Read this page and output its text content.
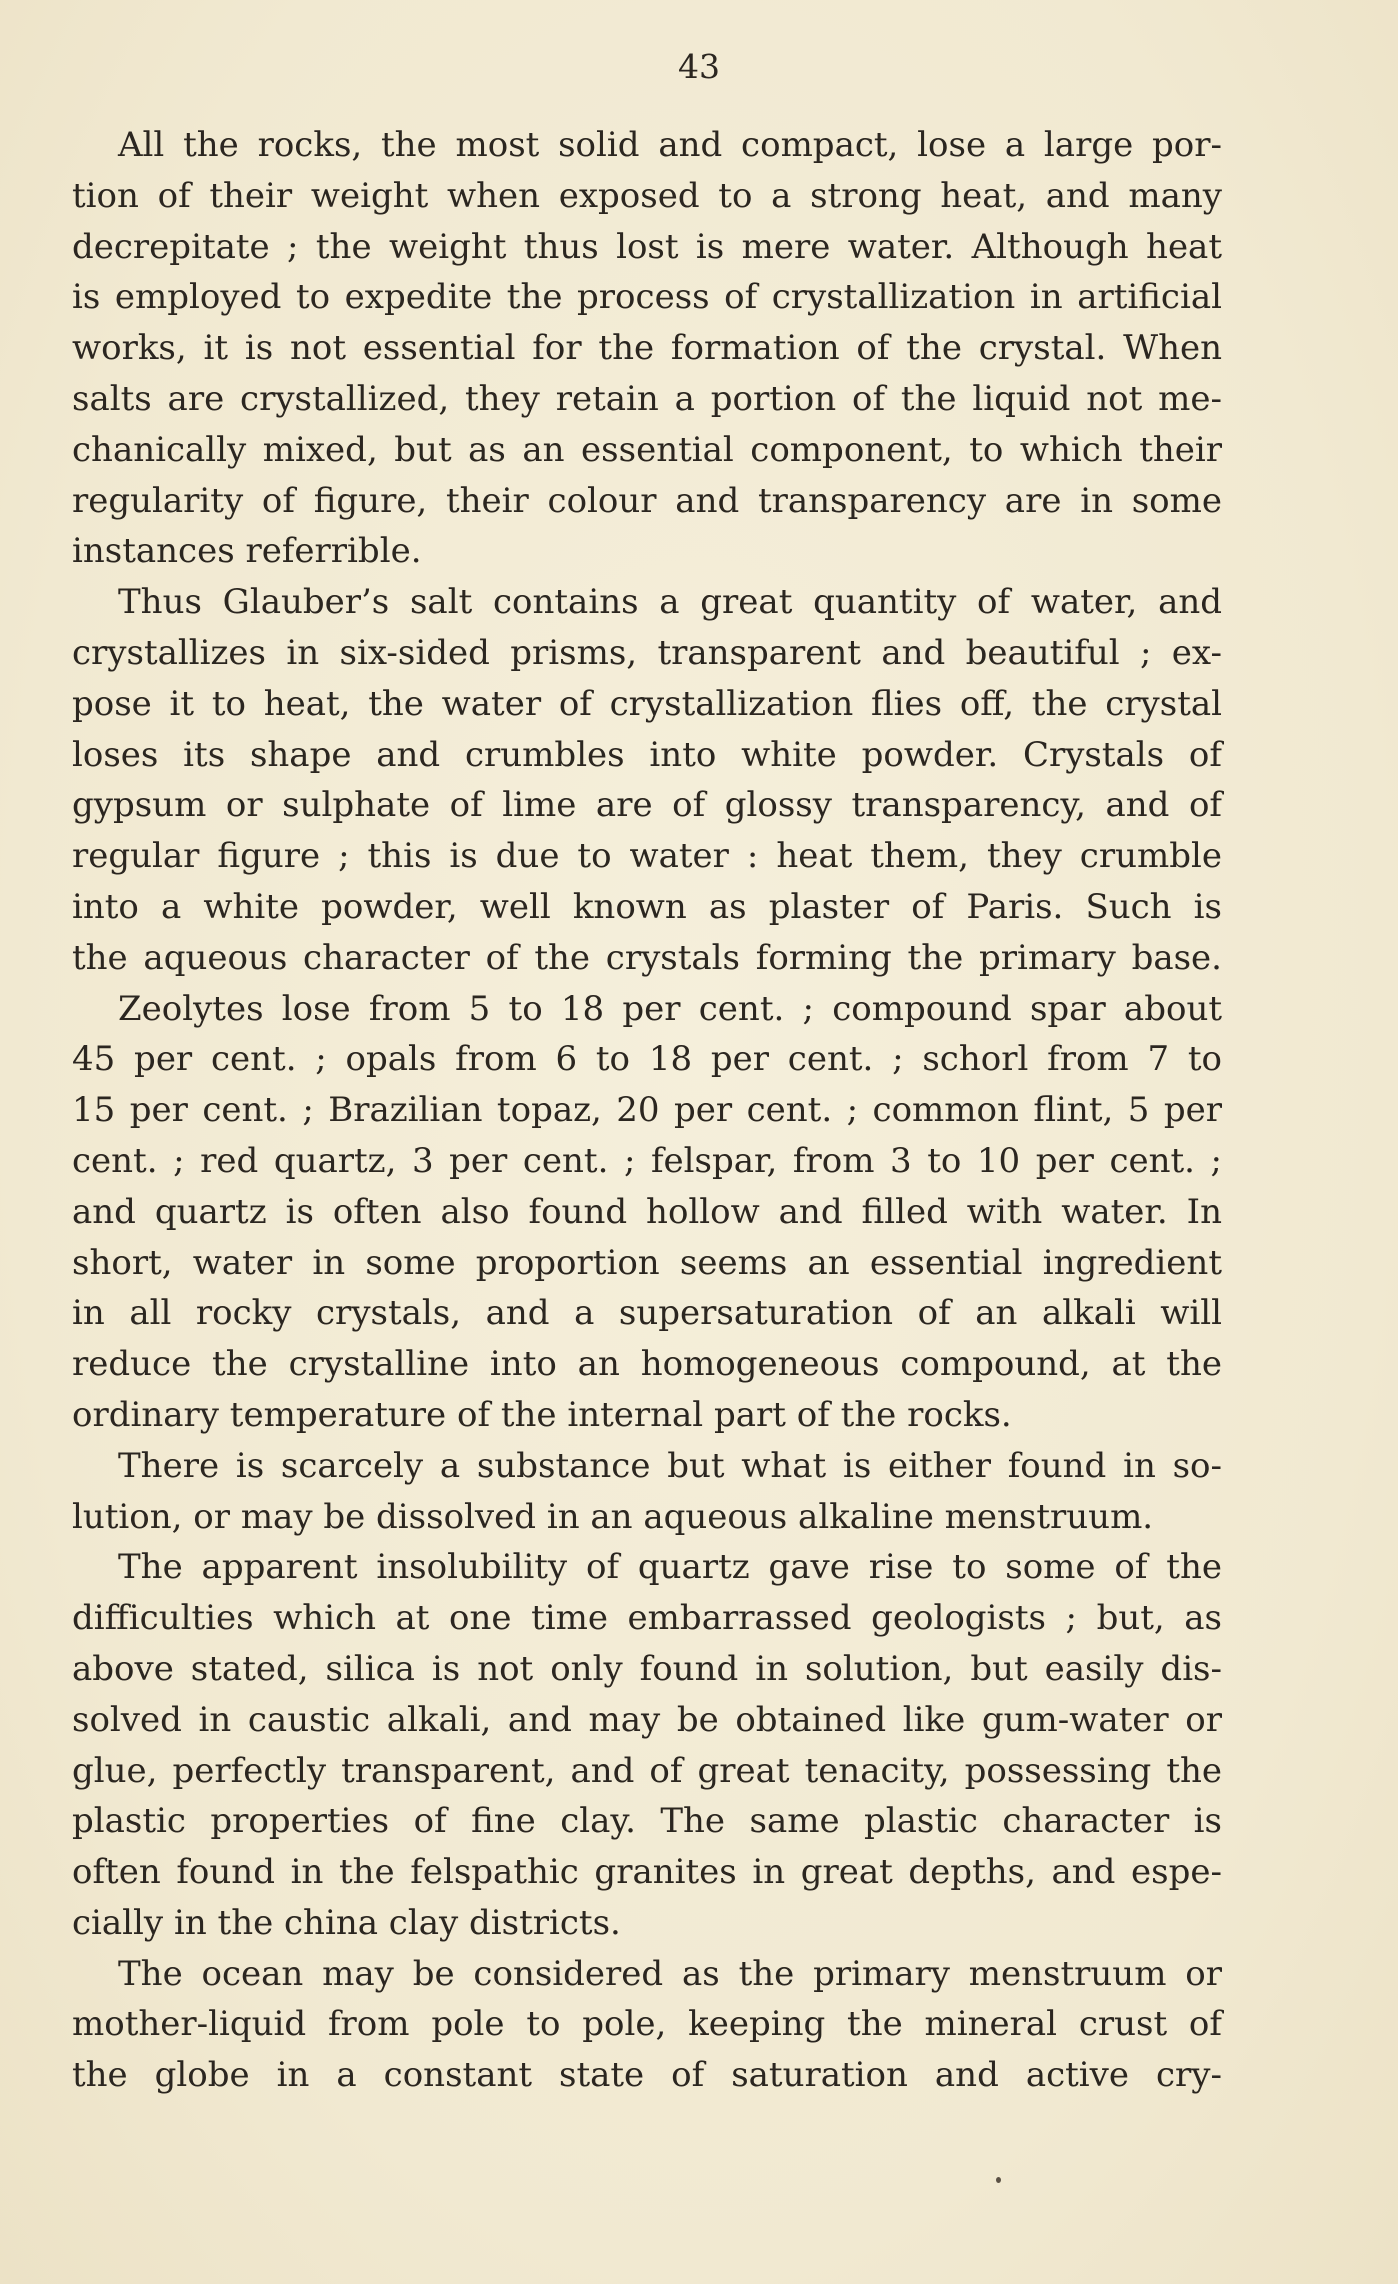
43
All the rocks, the most solid and compact, lose a large por-
tion of their weight when exposed to a strong heat, and many
decrepitate ; the weight thus lost is mere water. Although heat
is employed to expedite the process of crystallization in artificial
works, it is not essential for the formation of the crystal. When
salts are crystallized, they retain a portion of the liquid not me-
chanically mixed, but as an essential component, to which their
regularity of figure, their colour and transparency are in some
instances referrible.
Thus Glauber’s salt contains a great quantity of water, and
crystallizes in six-sided prisms, transparent and beautiful ; ex-
pose it to heat, the water of crystallization flies off, the crystal
loses its shape and crumbles into white powder. Crystals of
gypsum or sulphate of lime are of glossy transparency, and of
regular figure ; this is due to water : heat them, they crumble
into a white powder, well known as plaster of Paris. Such is
the aqueous character of the crystals forming the primary base.
Zeolytes lose from 5 to 18 per cent. ; compound spar about
45 per cent. ; opals from 6 to 18 per cent. ; schorl from 7 to
15 per cent. ; Brazilian topaz, 20 per cent. ; common flint, 5 per
cent. ; red quartz, 3 per cent. ; felspar, from 3 to 10 per cent. ;
and quartz is often also found hollow and filled with water. In
short, water in some proportion seems an essential ingredient
in all rocky crystals, and a supersaturation of an alkali will
reduce the crystalline into an homogeneous compound, at the
ordinary temperature of the internal part of the rocks.
There is scarcely a substance but what is either found in so-
lution, or may be dissolved in an aqueous alkaline menstruum.
The apparent insolubility of quartz gave rise to some of the
difficulties which at one time embarrassed geologists ; but, as
above stated, silica is not only found in solution, but easily dis-
solved in caustic alkali, and may be obtained like gum-water or
glue, perfectly transparent, and of great tenacity, possessing the
plastic properties of fine clay. The same plastic character is
often found in the felspathic granites in great depths, and espe-
cially in the china clay districts.
The ocean may be considered as the primary menstruum or
mother-liquid from pole to pole, keeping the mineral crust of
the globe in a constant state of saturation and active cry-
